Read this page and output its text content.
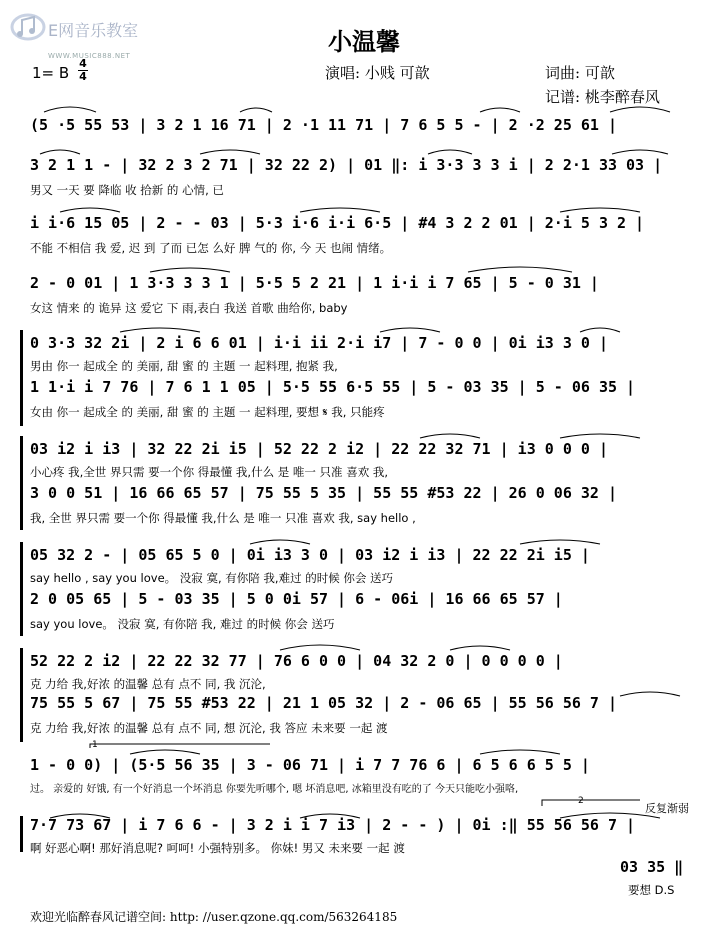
E网音乐教室
WWW.MUSIC888.NET	小温馨
1= B
4
4	演唱: 小贱 可歆	词曲: 可歆
记谱: 桃李醉春风
(5 ·5 55 53 | 3 2 1 16 71 | 2 ·1 11 71 | 7 6 5 5 - | 2 ·2 25 61 |
3 2 1 1 - | 32 2 3 2 71 | 32 22 2) | 01 ‖: i 3·3 3 3 i | 2 2·1 33 03 |
男又 一天 要 降临 收 拾新 的 心情, 已
i i·6 15 05 | 2 - - 03 | 5·3 i·6 i·i 6·5 | #4 3 2 2 01 | 2·i 5 3 2 |
不能 不相信 我 爱, 迟 到 了而 已怎 么好 脾 气的 你, 今 天 也闹 情绪。
2 - 0 01 | 1 3·3 3 3 1 | 5·5 5 2 21 | 1 i·i i 7 65 | 5 - 0 31 |
女这 情来 的 诡异 这 爱它 下 雨,表白 我送 首歌 曲给你, baby
0 3·3 32 2i | 2 i 6 6 01 | i·i ii 2·i i7 | 7 - 0 0 | 0i i3 3 0 |
男由 你一 起成全 的 美丽, 甜 蜜 的 主题 一 起料理, 抱紧 我,
1 1·i i 7 76 | 7 6 1 1 05 | 5·5 55 6·5 55 | 5 - 03 35 | 5 - 06 35 |
女由 你一 起成全 的 美丽, 甜 蜜 的 主题 一 起料理, 要想 𝄋 我, 只能疼
03 i2 i i3 | 32 22 2i i5 | 52 22 2 i2 | 22 22 32 71 | i3 0 0 0 |
小心疼 我,全世 界只需 要一个你 得最懂 我,什么 是 唯一 只准 喜欢 我,
3 0 0 51 | 16 66 65 57 | 75 55 5 35 | 55 55 #53 22 | 26 0 06 32 |
我, 全世 界只需 要一个你 得最懂 我,什么 是 唯一 只准 喜欢 我, say hello ,
05 32 2 - | 05 65 5 0 | 0i i3 3 0 | 03 i2 i i3 | 22 22 2i i5 |
say hello , say you love。 没寂 寞, 有你陪 我,难过 的时候 你会 送巧
2 0 05 65 | 5 - 03 35 | 5 0 0i 57 | 6 - 06i | 16 66 65 57 |
say you love。 没寂 寞, 有你陪 我, 难过 的时候 你会 送巧
52 22 2 i2 | 22 22 32 77 | 76 6 0 0 | 04 32 2 0 | 0 0 0 0 |
克 力给 我,好浓 的温馨 总有 点不 同, 我 沉沦,
75 55 5 67 | 75 55 #53 22 | 21 1 05 32 | 2 - 06 65 | 55 56 56 7 |
克 力给 我,好浓 的温馨 总有 点不 同, 想 沉沦, 我 答应 未来要 一起 渡
1
1 - 0 0) | (5·5 56 35 | 3 - 06 71 | i 7 7 76 6 | 6 5 6 6 5 5 |
过。 亲爱的 好饿, 有一个好消息一个坏消息 你要先听哪个, 嗯 坏消息吧, 冰箱里没有吃的了 今天只能吃小强咯,
2
反复渐弱
7·7 73 67 | i 7 6 6 - | 3 2 i i 7 i3 | 2 - - ) | 0i :‖ 55 56 56 7 |
啊 好恶心啊! 那好消息呢? 呵呵! 小强特别多。 你妹! 男又 未来要 一起 渡
03 35 ‖
要想 D.S
欢迎光临醉春风记谱空间: http: //user.qzone.qq.com/563264185
